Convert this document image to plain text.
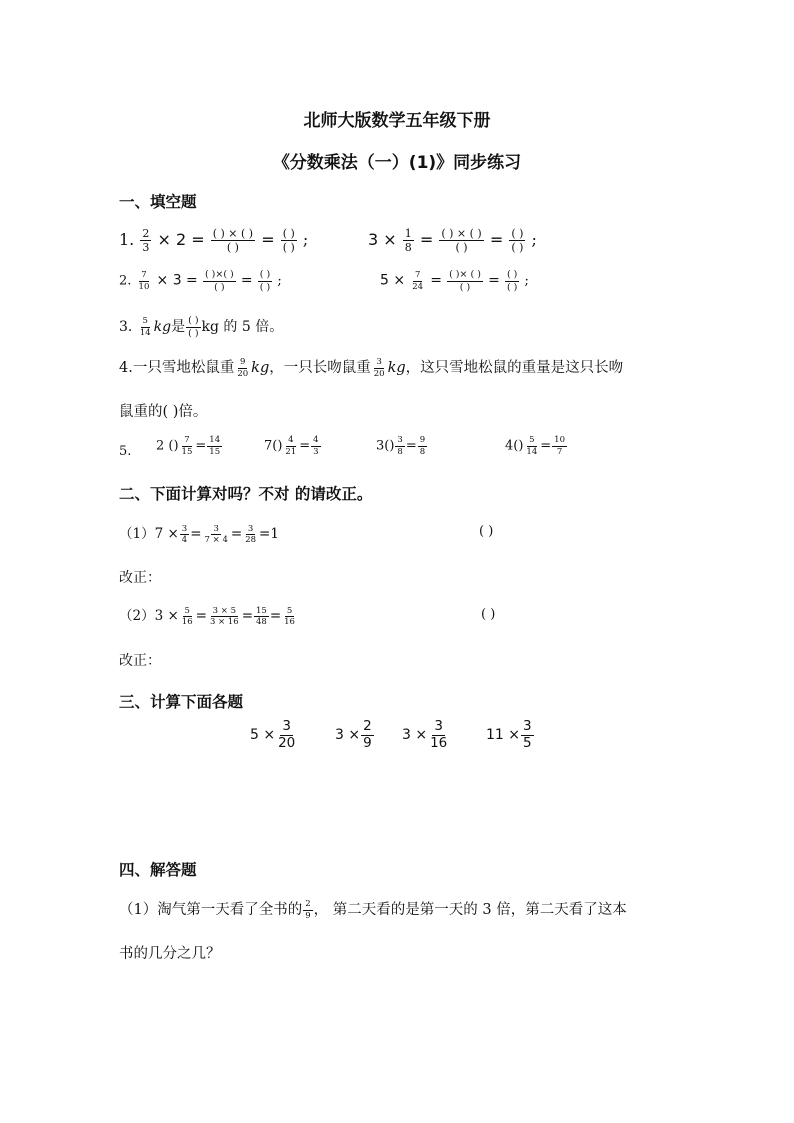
北师大版数学五年级下册
《分数乘法（一）(1)》同步练习
一、填空题
1. $\frac{2}{3} \times 2 = \frac{( ) \times ( )}{( )} = \frac{( )}{( )}$ ;	$3 \times \frac{1}{8} = \frac{( ) \times ( )}{( )} = \frac{( )}{( )}$ ;
2. $\frac{7}{10} \times 3 = \frac{( )\times( )}{( )} = \frac{( )}{( )}$ ;	$5 \times \frac{7}{24} = \frac{( )\times ( )}{( )} = \frac{( )}{( )}$ ;
3. $\frac{5}{14}$ kg是 $\frac{( )}{( )}$ kg 的 5 倍。
4.一只雪地松鼠重 $\frac{9}{20}$ kg，一只长吻鼠重 $\frac{3}{20}$ kg，这只雪地松鼠的重量是这只长吻
鼠重的( )倍。
5. 2 () $\frac{7}{15} = \frac{14}{15}$	$7() \frac{4}{21} = \frac{4}{3}$	$3() \frac{3}{8} = \frac{9}{8}$	$4() \frac{5}{14} = \frac{10}{7}$
二、下面计算对吗？不对 的请改正。
$(1)7 \times \frac{3}{4} = \frac{3}{7 \times 4} = \frac{3}{28} =1$	( )
改正：
$(2)3 \times \frac{5}{16} = \frac{3 \times 5}{3 \times 16} = \frac{15}{48} = \frac{5}{16}$	( )
改正：
三、计算下面各题
$5 \times \frac{3}{20}$	$3 \times \frac{2}{9} 3 \times \frac{3}{16}$	$11 \times \frac{3}{5}$
四、解答题
（1）淘气第一天看了全书的 $\frac{2}{9}$ ， 第二天看的是第一天的 3 倍，第二天看了这本
书的几分之几？
